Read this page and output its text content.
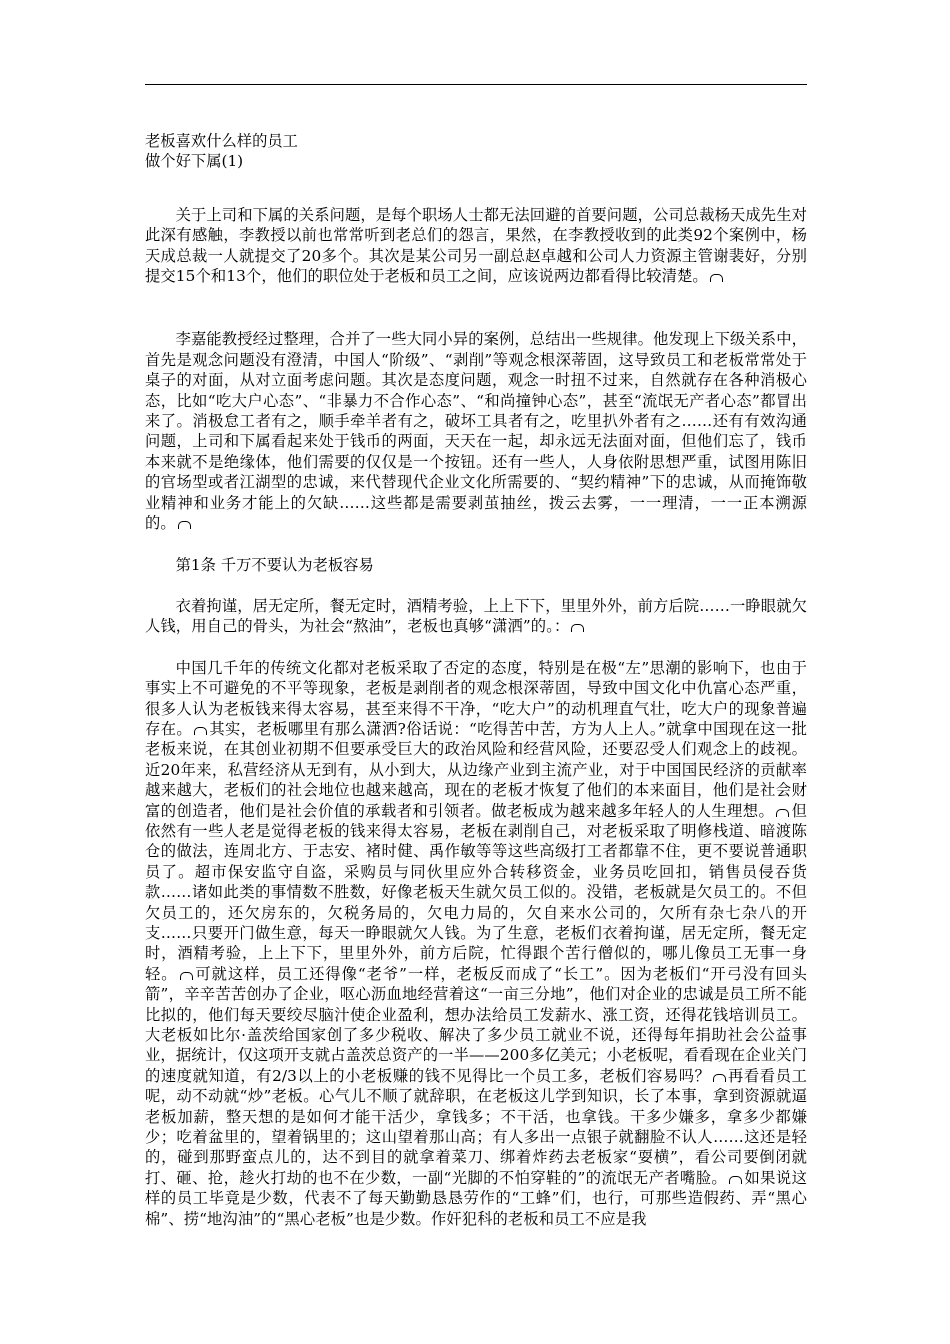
老板喜欢什么样的员工
做个好下属(1)

关于上司和下属的关系问题，是每个职场人士都无法回避的首要问题，公司总裁杨天成先生对此深有感触，李教授以前也常常听到老总们的怨言，果然，在李教授收到的此类92个案例中，杨天成总裁一人就提交了20多个。其次是某公司另一副总赵卓越和公司人力资源主管谢裴好，分别提交15个和13个，他们的职位处于老板和员工之间，应该说两边都看得比较清楚。

李嘉能教授经过整理，合并了一些大同小异的案例，总结出一些规律。他发现上下级关系中，首先是观念问题没有澄清，中国人“阶级”、“剥削”等观念根深蒂固，这导致员工和老板常常处于桌子的对面，从对立面考虑问题。其次是态度问题，观念一时扭不过来，自然就存在各种消极心态，比如“吃大户心态”、“非暴力不合作心态”、“和尚撞钟心态”，甚至“流氓无产者心态”都冒出来了。消极怠工者有之，顺手牵羊者有之，破坏工具者有之，吃里扒外者有之……还有有效沟通问题，上司和下属看起来处于钱币的两面，天天在一起，却永远无法面对面，但他们忘了，钱币本来就不是绝缘体，他们需要的仅仅是一个按钮。还有一些人，人身依附思想严重，试图用陈旧的官场型或者江湖型的忠诚，来代替现代企业文化所需要的、“契约精神”下的忠诚，从而掩饰敬业精神和业务才能上的欠缺……这些都是需要剥茧抽丝，拨云去雾，一一理清，一一正本溯源的。

第1条 千万不要认为老板容易

衣着拘谨，居无定所，餐无定时，酒精考验，上上下下，里里外外，前方后院……一睁眼就欠人钱，用自己的骨头，为社会“熬油”，老板也真够“潇洒”的。：

中国几千年的传统文化都对老板采取了否定的态度，特别是在极“左”思潮的影响下，也由于事实上不可避免的不平等现象，老板是剥削者的观念根深蒂固，导致中国文化中仇富心态严重，很多人认为老板钱来得太容易，甚至来得不干净，“吃大户”的动机理直气壮，吃大户的现象普遍存在。 其实，老板哪里有那么潇洒?俗话说：“吃得苦中苦，方为人上人。”就拿中国现在这一批老板来说，在其创业初期不但要承受巨大的政治风险和经营风险，还要忍受人们观念上的歧视。近20年来，私营经济从无到有，从小到大，从边缘产业到主流产业，对于中国国民经济的贡献率越来越大，老板们的社会地位也越来越高，现在的老板才恢复了他们的本来面目，他们是社会财富的创造者，他们是社会价值的承载者和引领者。做老板成为越来越多年轻人的人生理想。 但依然有一些人老是觉得老板的钱来得太容易，老板在剥削自己，对老板采取了明修栈道、暗渡陈仓的做法，连周北方、于志安、褚时健、禹作敏等等这些高级打工者都靠不住，更不要说普通职员了。超市保安监守自盗，采购员与同伙里应外合转移资金，业务员吃回扣，销售员侵吞货款……诸如此类的事情数不胜数，好像老板天生就欠员工似的。没错，老板就是欠员工的。不但欠员工的，还欠房东的，欠税务局的，欠电力局的，欠自来水公司的，欠所有杂七杂八的开支……只要开门做生意，每天一睁眼就欠人钱。为了生意，老板们衣着拘谨，居无定所，餐无定时，酒精考验，上上下下，里里外外，前方后院，忙得跟个苦行僧似的，哪儿像员工无事一身轻。 可就这样，员工还得像“老爷”一样，老板反而成了“长工”。因为老板们“开弓没有回头箭”，辛辛苦苦创办了企业，呕心沥血地经营着这“一亩三分地”，他们对企业的忠诚是员工所不能比拟的，他们每天要绞尽脑汁使企业盈利，想办法给员工发薪水、涨工资，还得花钱培训员工。大老板如比尔·盖茨给国家创了多少税收、解决了多少员工就业不说，还得每年捐助社会公益事业，据统计，仅这项开支就占盖茨总资产的一半——200多亿美元；小老板呢，看看现在企业关门的速度就知道，有2/3以上的小老板赚的钱不见得比一个员工多，老板们容易吗？ 再看看员工呢，动不动就“炒”老板。心气儿不顺了就辞职，在老板这儿学到知识，长了本事，拿到资源就逼老板加薪，整天想的是如何才能干活少，拿钱多；不干活，也拿钱。干多少嫌多，拿多少都嫌少；吃着盆里的，望着锅里的；这山望着那山高；有人多出一点银子就翻脸不认人……这还是轻的，碰到那野蛮点儿的，达不到目的就拿着菜刀、绑着炸药去老板家“耍横”，看公司要倒闭就打、砸、抢，趁火打劫的也不在少数，一副“光脚的不怕穿鞋的”的流氓无产者嘴脸。 如果说这样的员工毕竟是少数，代表不了每天勤勤恳恳劳作的“工蜂”们，也行，可那些造假药、弄“黑心棉”、捞“地沟油”的“黑心老板”也是少数。作奸犯科的老板和员工不应是我
